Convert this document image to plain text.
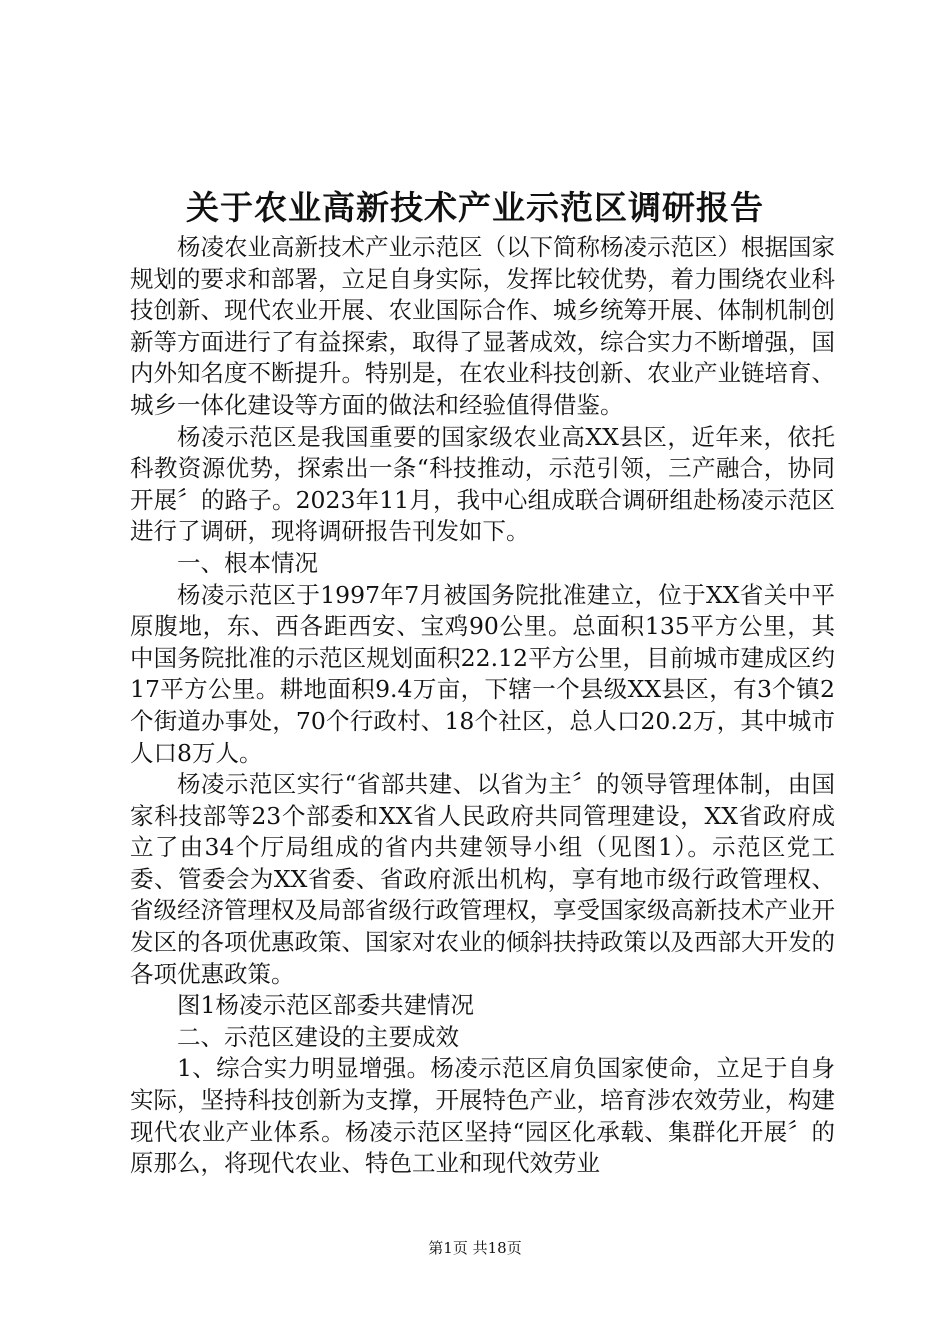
关于农业高新技术产业示范区调研报告

杨凌农业高新技术产业示范区（以下简称杨凌示范区）根据国家规划的要求和部署，立足自身实际，发挥比较优势，着力围绕农业科技创新、现代农业开展、农业国际合作、城乡统筹开展、体制机制创新等方面进行了有益探索，取得了显著成效，综合实力不断增强，国内外知名度不断提升。特别是，在农业科技创新、农业产业链培育、城乡一体化建设等方面的做法和经验值得借鉴。

杨凌示范区是我国重要的国家级农业高XX县区，近年来，依托科教资源优势，探索出一条“科技推动，示范引领，三产融合，协同开展〞的路子。2023年11月，我中心组成联合调研组赴杨凌示范区进行了调研，现将调研报告刊发如下。

一、根本情况

杨凌示范区于1997年7月被国务院批准建立，位于XX省关中平原腹地，东、西各距西安、宝鸡90公里。总面积135平方公里，其中国务院批准的示范区规划面积22.12平方公里，目前城市建成区约17平方公里。耕地面积9.4万亩，下辖一个县级XX县区，有3个镇2个街道办事处，70个行政村、18个社区，总人口20.2万，其中城市人口8万人。

杨凌示范区实行“省部共建、以省为主〞的领导管理体制，由国家科技部等23个部委和XX省人民政府共同管理建设，XX省政府成立了由34个厅局组成的省内共建领导小组（见图1）。示范区党工委、管委会为XX省委、省政府派出机构，享有地市级行政管理权、省级经济管理权及局部省级行政管理权，享受国家级高新技术产业开发区的各项优惠政策、国家对农业的倾斜扶持政策以及西部大开发的各项优惠政策。

图1杨凌示范区部委共建情况

二、示范区建设的主要成效

1、综合实力明显增强。杨凌示范区肩负国家使命，立足于自身实际，坚持科技创新为支撑，开展特色产业，培育涉农效劳业，构建现代农业产业体系。杨凌示范区坚持“园区化承载、集群化开展〞的原那么，将现代农业、特色工业和现代效劳业

第1页 共18页
